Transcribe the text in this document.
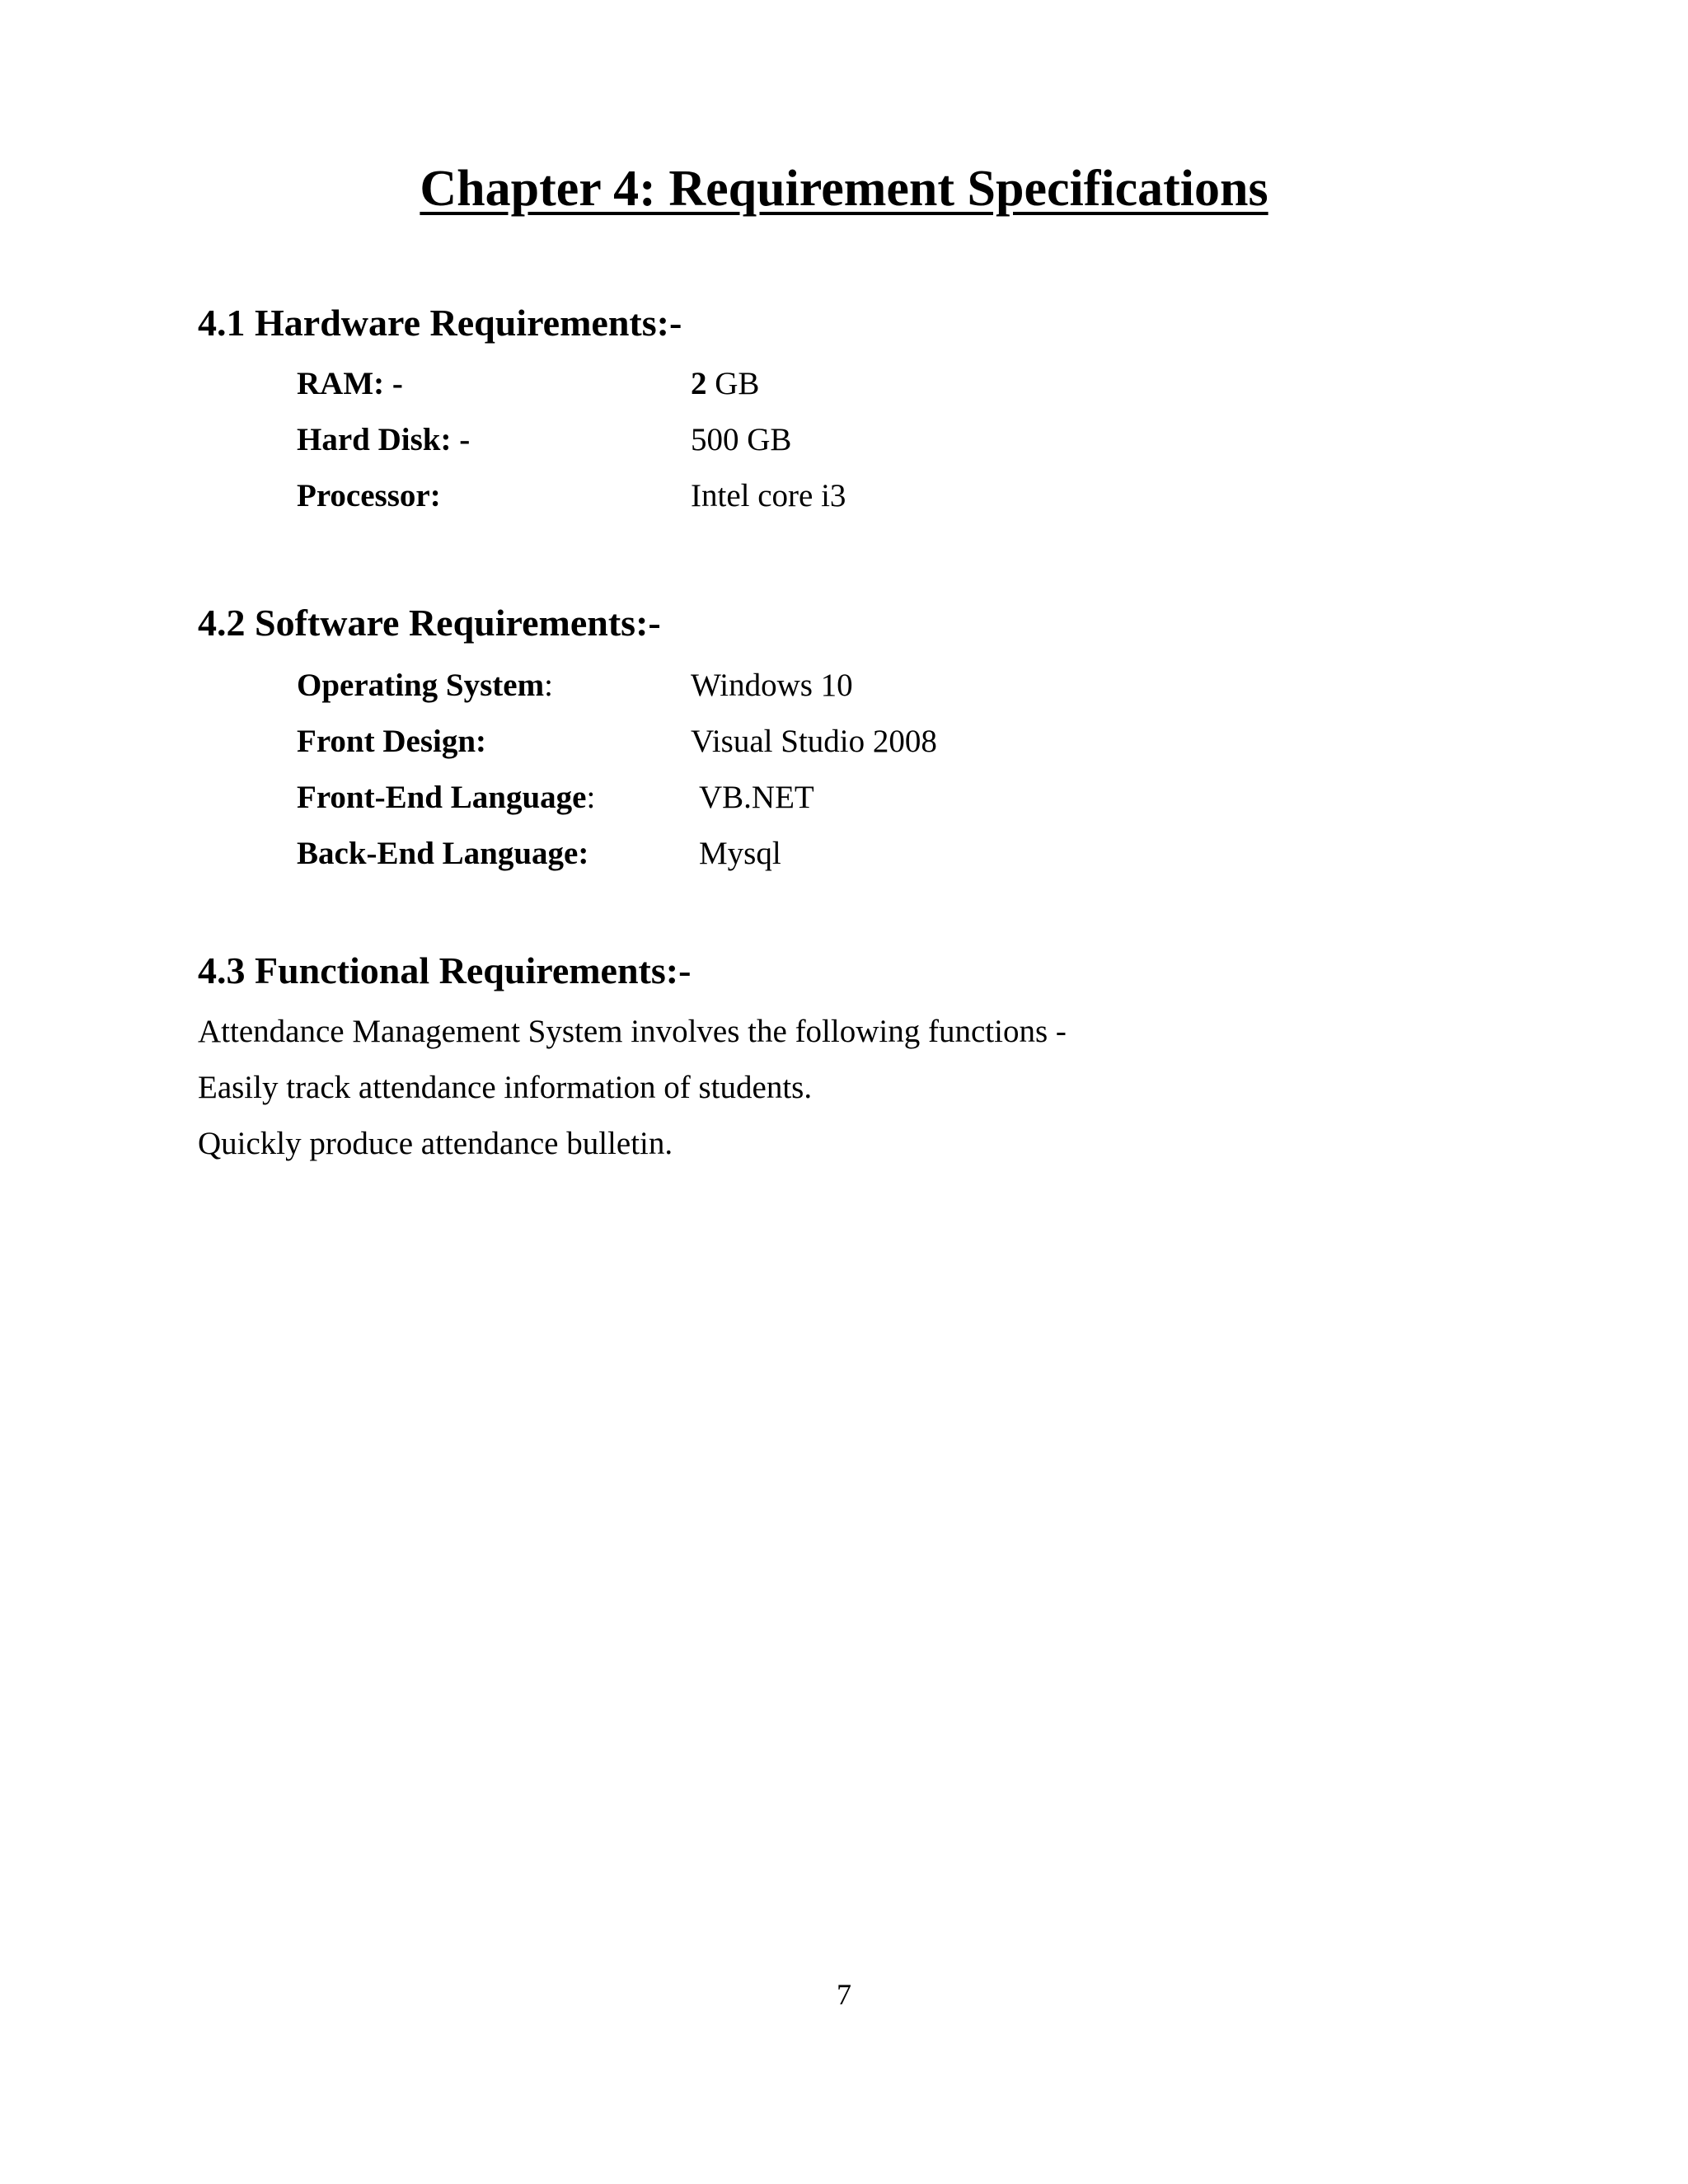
Chapter 4: Requirement Specifications
4.1 Hardware Requirements:-
RAM: -	2 GB
Hard Disk: -	500 GB
Processor:	Intel core i3
4.2 Software Requirements:-
Operating System:	Windows 10
Front Design:	Visual Studio 2008
Front-End Language:	VB.NET
Back-End Language:	Mysql
4.3 Functional Requirements:-

Attendance Management System involves the following functions -

Easily track attendance information of students.

Quickly produce attendance bulletin.

7
